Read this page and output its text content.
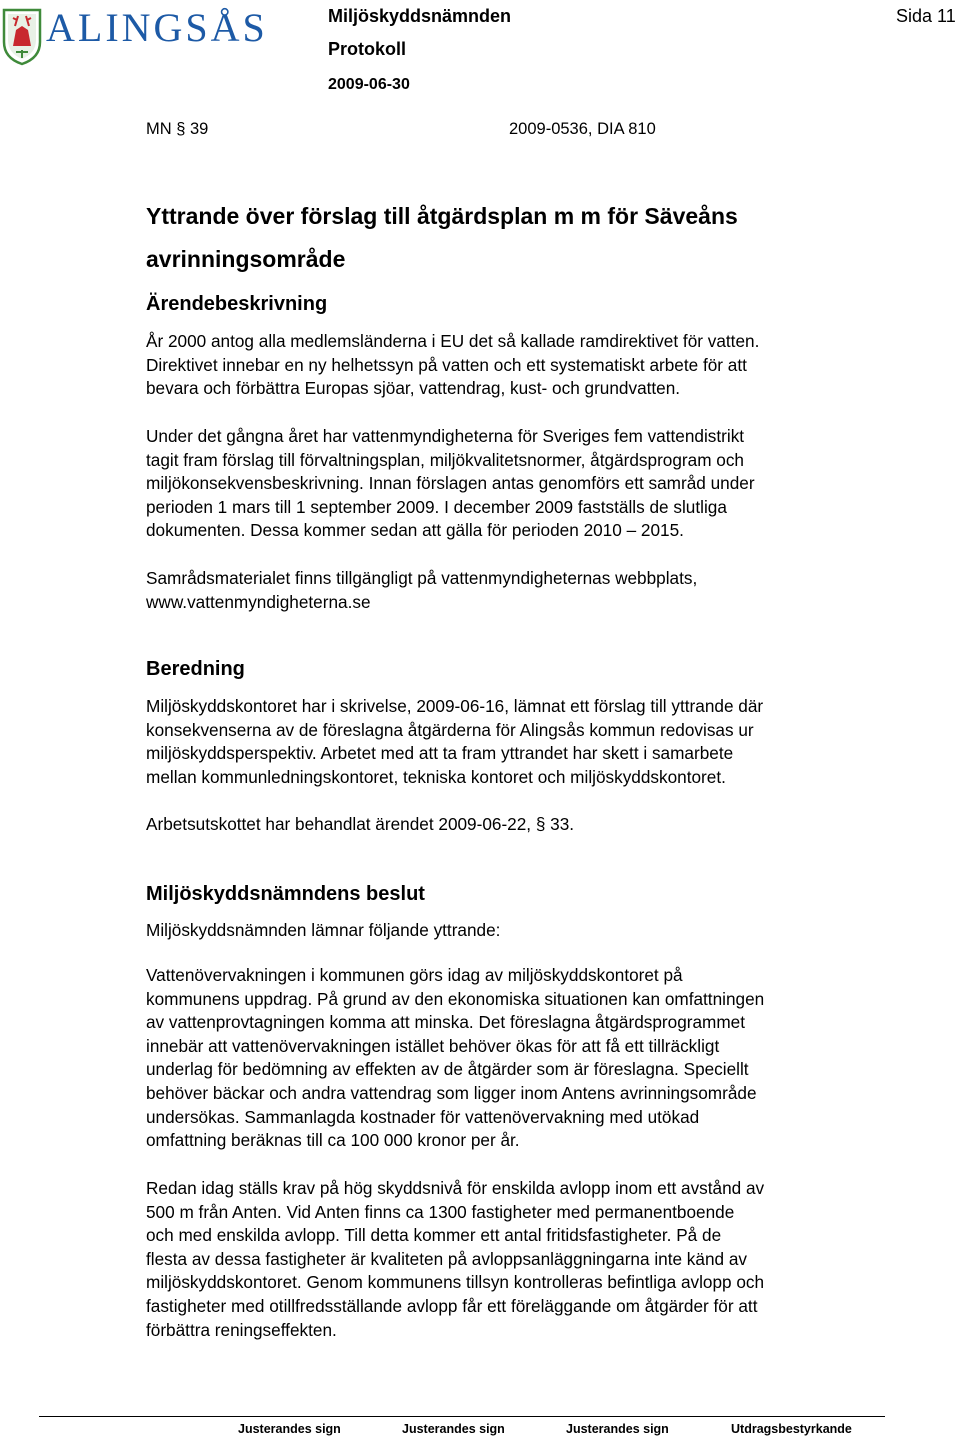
ALINGSÅS	Miljöskyddsnämnden
Protokoll
2009-06-30
Sida 11
MN § 39	2009-0536, DIA 810
Yttrande över förslag till åtgärdsplan m m för Säveåns avrinningsområde
Ärendebeskrivning
År 2000 antog alla medlemsländerna i EU det så kallade ramdirektivet för vatten.
Direktivet innebar en ny helhetssyn på vatten och ett systematiskt arbete för att
bevara och förbättra Europas sjöar, vattendrag, kust- och grundvatten.
Under det gångna året har vattenmyndigheterna för Sveriges fem vattendistrikt
tagit fram förslag till förvaltningsplan, miljökvalitetsnormer, åtgärdsprogram och
miljökonsekvensbeskrivning. Innan förslagen antas genomförs ett samråd under
perioden 1 mars till 1 september 2009. I december 2009 fastställs de slutliga
dokumenten. Dessa kommer sedan att gälla för perioden 2010 – 2015.
Samrådsmaterialet finns tillgängligt på vattenmyndigheternas webbplats,
www.vattenmyndigheterna.se
Beredning
Miljöskyddskontoret har i skrivelse, 2009-06-16, lämnat ett förslag till yttrande där
konsekvenserna av de föreslagna åtgärderna för Alingsås kommun redovisas ur
miljöskyddsperspektiv. Arbetet med att ta fram yttrandet har skett i samarbete
mellan kommunledningskontoret, tekniska kontoret och miljöskyddskontoret.
Arbetsutskottet har behandlat ärendet 2009-06-22, § 33.
Miljöskyddsnämndens beslut
Miljöskyddsnämnden lämnar följande yttrande:
Vattenövervakningen i kommunen görs idag av miljöskyddskontoret på
kommunens uppdrag. På grund av den ekonomiska situationen kan omfattningen
av vattenprovtagningen komma att minska. Det föreslagna åtgärdsprogrammet
innebär att vattenövervakningen istället behöver ökas för att få ett tillräckligt
underlag för bedömning av effekten av de åtgärder som är föreslagna. Speciellt
behöver bäckar och andra vattendrag som ligger inom Antens avrinningsområde
undersökas. Sammanlagda kostnader för vattenövervakning med utökad
omfattning beräknas till ca 100 000 kronor per år.
Redan idag ställs krav på hög skyddsnivå för enskilda avlopp inom ett avstånd av
500 m från Anten. Vid Anten finns ca 1300 fastigheter med permanentboende
och med enskilda avlopp. Till detta kommer ett antal fritidsfastigheter. På de
flesta av dessa fastigheter är kvaliteten på avloppsanläggningarna inte känd av
miljöskyddskontoret. Genom kommunens tillsyn kontrolleras befintliga avlopp och
fastigheter med otillfredsställande avlopp får ett föreläggande om åtgärder för att
förbättra reningseffekten.
Justerandes sign	Justerandes sign	Justerandes sign	Utdragsbestyrkande
